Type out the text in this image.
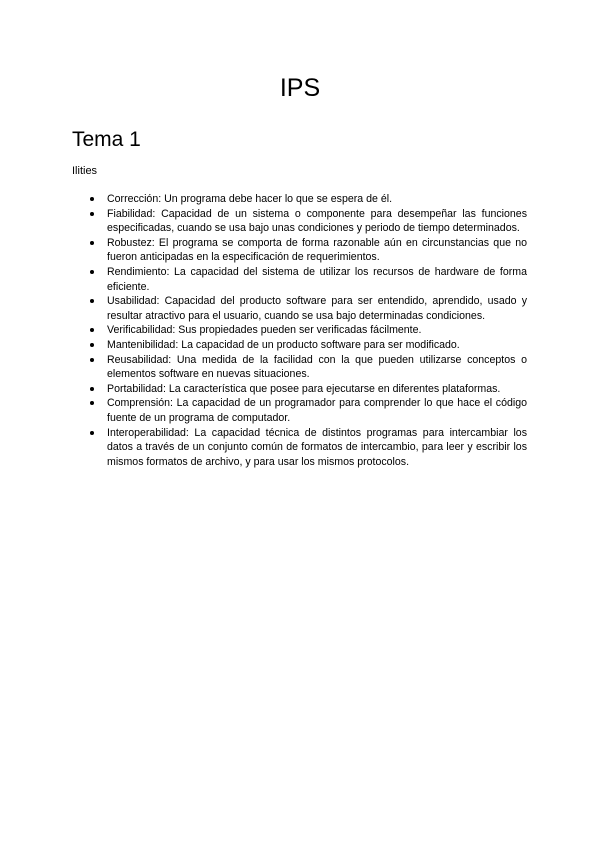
IPS
Tema 1

Ilities

Corrección: Un programa debe hacer lo que se espera de él.
Fiabilidad: Capacidad de un sistema o componente para desempeñar las funciones especificadas, cuando se usa bajo unas condiciones y periodo de tiempo determinados.
Robustez: El programa se comporta de forma razonable aún en circunstancias que no fueron anticipadas en la especificación de requerimientos.
Rendimiento: La capacidad del sistema de utilizar los recursos de hardware de forma eficiente.
Usabilidad: Capacidad del producto software para ser entendido, aprendido, usado y resultar atractivo para el usuario, cuando se usa bajo determinadas condiciones.
Verificabilidad: Sus propiedades pueden ser verificadas fácilmente.
Mantenibilidad: La capacidad de un producto software para ser modificado.
Reusabilidad: Una medida de la facilidad con la que pueden utilizarse conceptos o elementos software en nuevas situaciones.
Portabilidad: La característica que posee para ejecutarse en diferentes plataformas.
Comprensión: La capacidad de un programador para comprender lo que hace el código fuente de un programa de computador.
Interoperabilidad: La capacidad técnica de distintos programas para intercambiar los datos a través de un conjunto común de formatos de intercambio, para leer y escribir los mismos formatos de archivo, y para usar los mismos protocolos.
